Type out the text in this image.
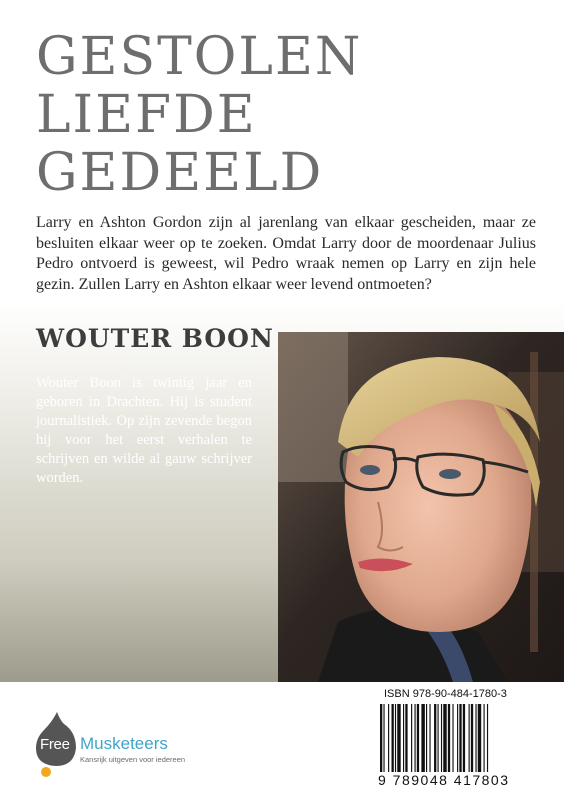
GESTOLEN
LIEFDE
GEDEELD

Larry en Ashton Gordon zijn al jarenlang van elkaar gescheiden, maar ze besluiten elkaar weer op te zoeken. Omdat Larry door de moordenaar Julius Pedro ontvoerd is geweest, wil Pedro wraak nemen op Larry en zijn hele gezin. Zullen Larry en Ashton elkaar weer levend ontmoeten?

WOUTER BOON

Wouter Boon is twintig jaar en geboren in Drachten. Hij is student journalistiek. Op zijn zevende begon hij voor het eerst verhalen te schrijven en wilde al gauw schrijver worden.

Free Musketeers
Kansrijk uitgeven voor iedereen
ISBN 978-90-484-1780-3
9 789048 417803
